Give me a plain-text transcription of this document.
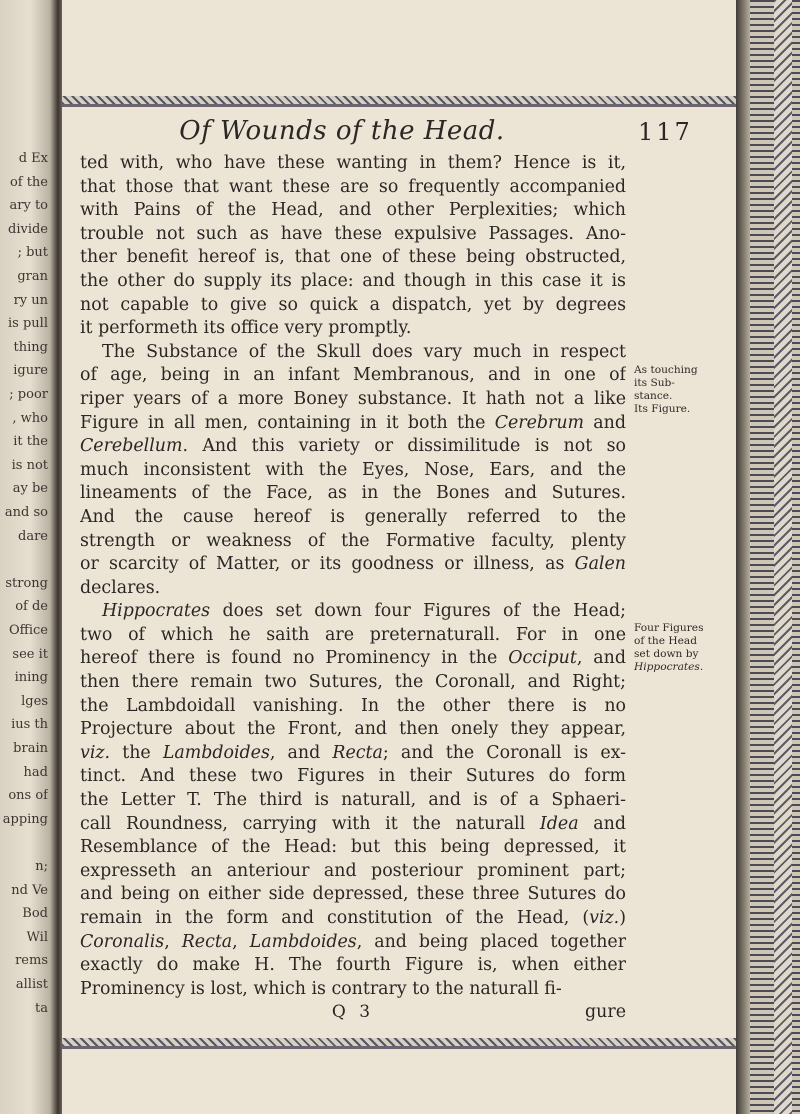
d Ex
of the
ary to
divide
; but
gran
ry un
is pull
thing
igure
; poor
, who
it the
is not
ay be
and so
dare
strong
of de
Office
see it
ining
lges
ius th
brain
had
ons of
apping
n;
nd Ve
Bod
Wil
rems
allist
ta
Of Wounds of the Head.	117
ted with, who have these wanting in them? Hence is it,
that those that want these are so frequently accompanied
with Pains of the Head, and other Perplexities; which
trouble not such as have these expulsive Passages. Ano-
ther benefit hereof is, that one of these being obstructed,
the other do supply its place: and though in this case it is
not capable to give so quick a dispatch, yet by degrees
it performeth its office very promptly.
The Substance of the Skull does vary much in respect
of age, being in an infant Membranous, and in one of
riper years of a more Boney substance. It hath not a like
Figure in all men, containing in it both the Cerebrum and
Cerebellum. And this variety or dissimilitude is not so
much inconsistent with the Eyes, Nose, Ears, and the
lineaments of the Face, as in the Bones and Sutures.
And the cause hereof is generally referred to the
strength or weakness of the Formative faculty, plenty
or scarcity of Matter, or its goodness or illness, as Galen
declares.
Hippocrates does set down four Figures of the Head;
two of which he saith are preternaturall. For in one
hereof there is found no Prominency in the Occiput, and
then there remain two Sutures, the Coronall, and Right;
the Lambdoidall vanishing. In the other there is no
Projecture about the Front, and then onely they appear,
viz. the Lambdoides, and Recta; and the Coronall is ex-
tinct. And these two Figures in their Sutures do form
the Letter T. The third is naturall, and is of a Sphaeri-
call Roundness, carrying with it the naturall Idea and
Resemblance of the Head: but this being depressed, it
expresseth an anteriour and posteriour prominent part;
and being on either side depressed, these three Sutures do
remain in the form and constitution of the Head, (viz.)
Coronalis, Recta, Lambdoides, and being placed together
exactly do make H. The fourth Figure is, when either
Prominency is lost, which is contrary to the naturall fi-
Q 3	gure
As touching
its Sub-
stance.
Its Figure.
Four Figures
of the Head
set down by
Hippocrates.
